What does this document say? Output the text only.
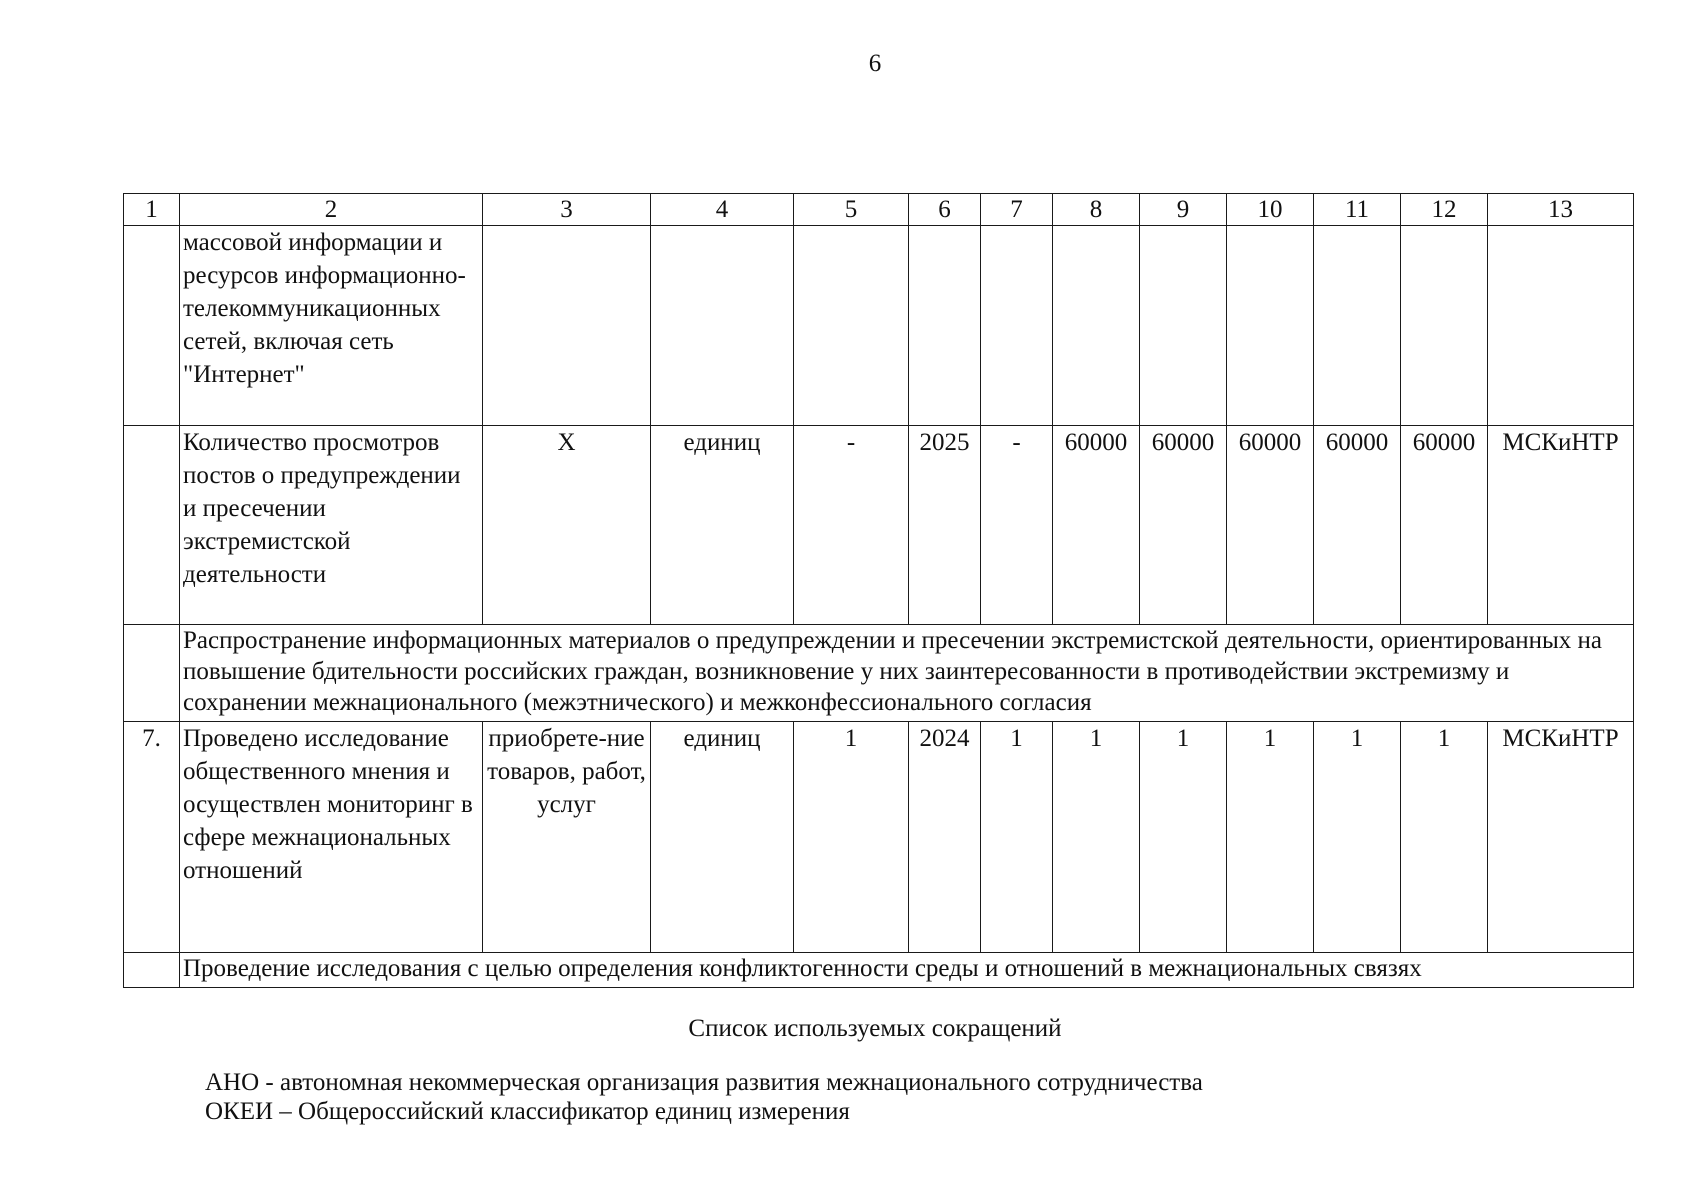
6
1	2	3	4	5	6	7	8	9	10	11	12	13
	массовой информации и ресурсов информационно-телекоммуникационных сетей, включая сеть "Интернет"											
	Количество просмотров постов о предупреждении и пресечении экстремистской деятельности	Х	единиц	-	2025	-	60000	60000	60000	60000	60000	МСКиНТР
	Распространение информационных материалов о предупреждении и пресечении экстремистской деятельности, ориентированных на повышение бдительности российских граждан, возникновение у них заинтересованности в противодействии экстремизму и сохранении межнационального (межэтнического) и межконфессионального согласия											
7.	Проведено исследование общественного мнения и осуществлен мониторинг в сфере межнациональных отношений	приобрете-ние товаров, работ, услуг	единиц	1	2024	1	1	1	1	1	1	МСКиНТР
	Проведение исследования с целью определения конфликтогенности среды и отношений в межнациональных связях											
Список используемых сокращений
АНО - автономная некоммерческая организация развития межнационального сотрудничества
ОКЕИ – Общероссийский классификатор единиц измерения
